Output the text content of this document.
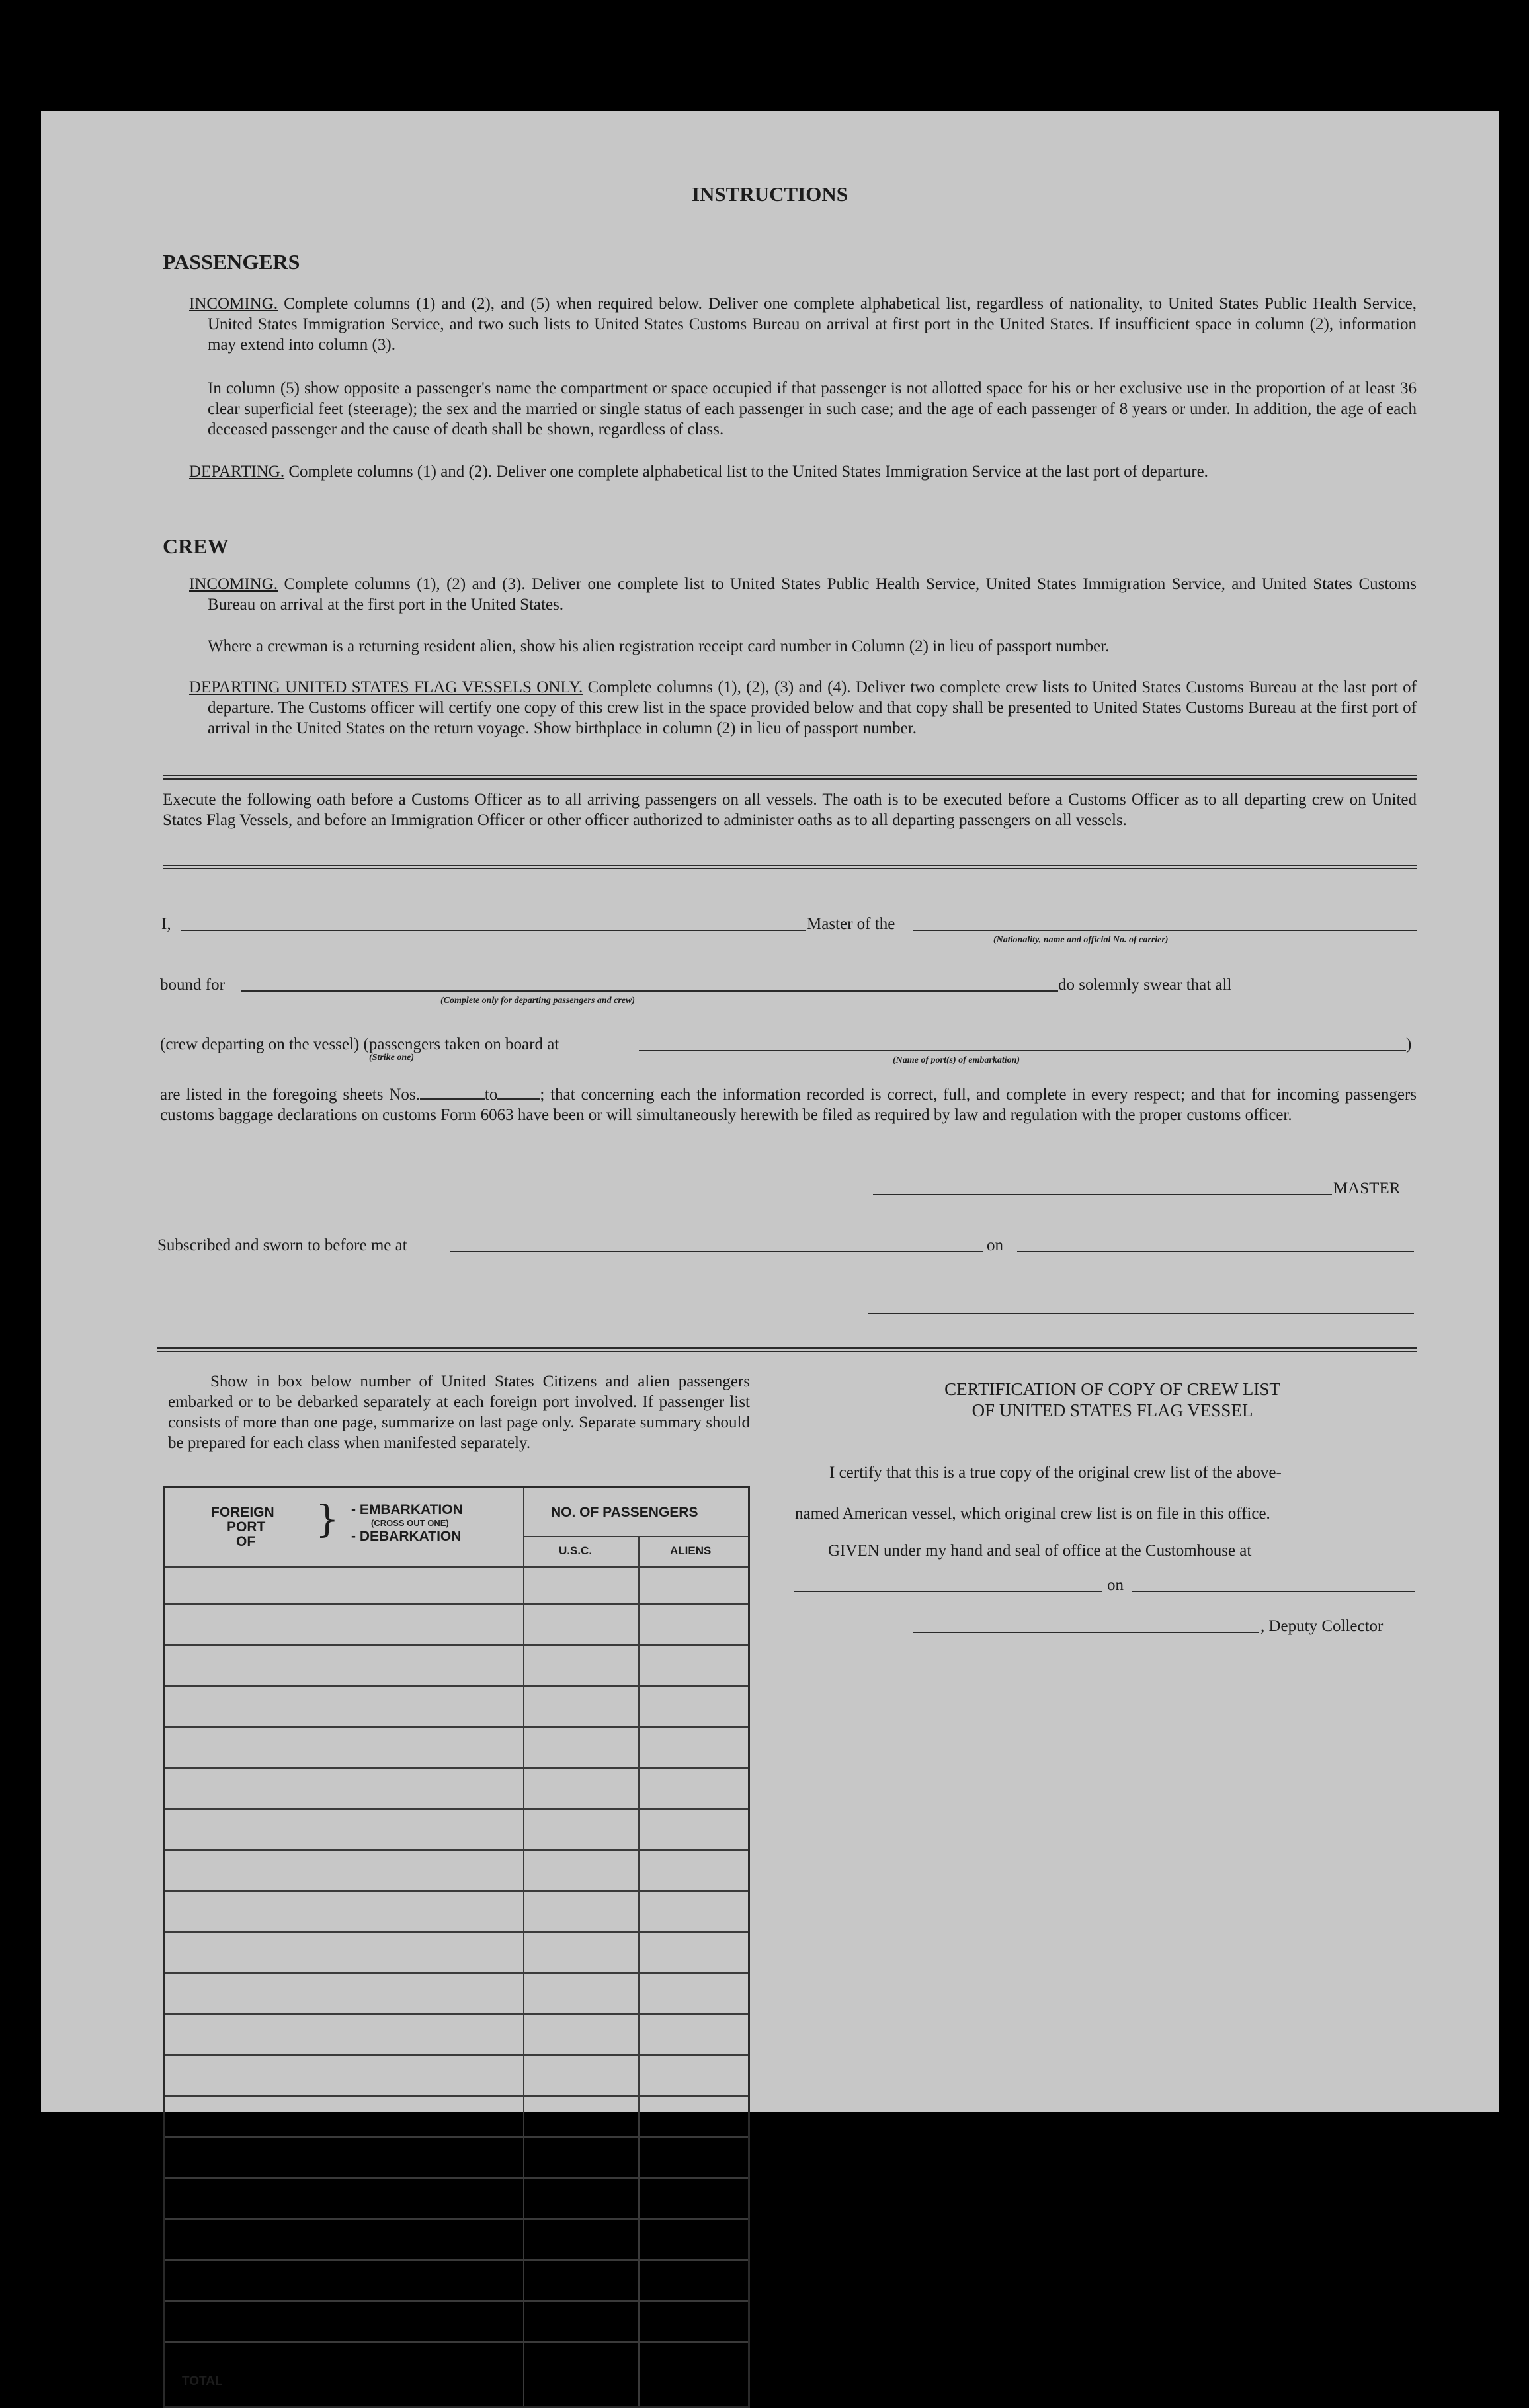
INSTRUCTIONS
PASSENGERS
INCOMING. Complete columns (1) and (2), and (5) when required below. Deliver one complete alphabetical list, regardless of nationality, to United States Public Health Service, United States Immigration Service, and two such lists to United States Customs Bureau on arrival at first port in the United States. If insufficient space in column (2), information may extend into column (3).
In column (5) show opposite a passenger's name the compartment or space occupied if that passenger is not allotted space for his or her exclusive use in the proportion of at least 36 clear superficial feet (steerage); the sex and the married or single status of each passenger in such case; and the age of each passenger of 8 years or under. In addition, the age of each deceased passenger and the cause of death shall be shown, regardless of class.
DEPARTING. Complete columns (1) and (2). Deliver one complete alphabetical list to the United States Immigration Service at the last port of departure.
CREW
INCOMING. Complete columns (1), (2) and (3). Deliver one complete list to United States Public Health Service, United States Immigration Service, and United States Customs Bureau on arrival at the first port in the United States.
Where a crewman is a returning resident alien, show his alien registration receipt card number in Column (2) in lieu of passport number.
DEPARTING UNITED STATES FLAG VESSELS ONLY. Complete columns (1), (2), (3) and (4). Deliver two complete crew lists to United States Customs Bureau at the last port of departure. The Customs officer will certify one copy of this crew list in the space provided below and that copy shall be presented to United States Customs Bureau at the first port of arrival in the United States on the return voyage. Show birthplace in column (2) in lieu of passport number.
Execute the following oath before a Customs Officer as to all arriving passengers on all vessels. The oath is to be executed before a Customs Officer as to all departing crew on United States Flag Vessels, and before an Immigration Officer or other officer authorized to administer oaths as to all departing passengers on all vessels.
I,	Master of the
(Nationality, name and official No. of carrier)
bound for
(Complete only for departing passengers and crew)
do solemnly swear that all
(crew departing on the vessel) (passengers taken on board at
(Strike one)	(Name of port(s) of embarkation)
)
are listed in the foregoing sheets Nos.	to	; that concerning each the information recorded is correct, full, and complete in every respect; and that for incoming passengers customs baggage declarations on customs Form 6063 have been or will simultaneously herewith be filed as required by law and regulation with the proper customs officer.
MASTER
Subscribed and sworn to before me at	on
Show in box below number of United States Citizens and alien passengers embarked or to be debarked separately at each foreign port involved. If passenger list consists of more than one page, summarize on last page only. Separate summary should be prepared for each class when manifested separately.
FOREIGN
PORT
OF
} - EMBARKATION
(CROSS OUT ONE)
- DEBARKATION
NO. OF PASSENGERS
U.S.C.	ALIENS
TOTAL
CERTIFICATION OF COPY OF CREW LIST
OF UNITED STATES FLAG VESSEL
I certify that this is a true copy of the original crew list of the above-
named American vessel, which original crew list is on file in this office.
GIVEN under my hand and seal of office at the Customhouse at
on
, Deputy Collector
